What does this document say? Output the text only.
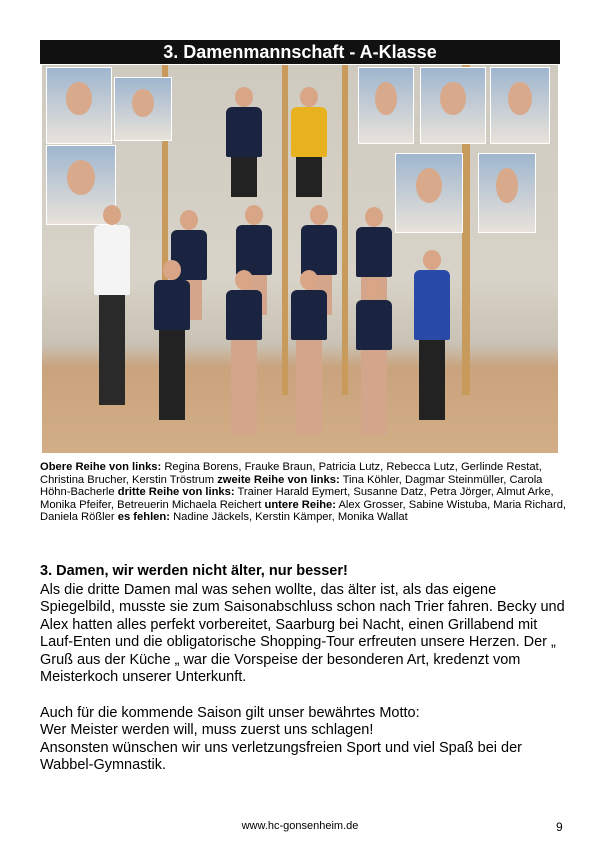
3. Damenmannschaft - A-Klasse
Obere Reihe von links: Regina Borens, Frauke Braun, Patricia Lutz, Rebecca Lutz, Gerlinde Restat, Christina Brucher, Kerstin Tröstrum zweite Reihe von links: Tina Köhler, Dagmar Steinmüller, Carola Höhn-Bacherle dritte Reihe von links: Trainer Harald Eymert, Susanne Datz, Petra Jörger, Almut Arke, Monika Pfeifer, Betreuerin Michaela Reichert untere Reihe: Alex Grosser, Sabine Wistuba, Maria Richard, Daniela Rößler es fehlen: Nadine Jäckels, Kerstin Kämper, Monika Wallat
3. Damen, wir werden nicht älter, nur besser!
Als die dritte Damen mal was sehen wollte, das älter ist, als das eigene
Spiegelbild, musste sie zum Saisonabschluss schon nach Trier fahren. Becky und
Alex hatten alles perfekt vorbereitet, Saarburg bei Nacht, einen Grillabend mit
Lauf-Enten und die obligatorische Shopping-Tour erfreuten unsere Herzen. Der „
Gruß aus der Küche „ war die Vorspeise der besonderen Art, kredenzt vom
Meisterkoch unserer Unterkunft.
Auch für die kommende Saison gilt unser bewährtes Motto:
Wer Meister werden will, muss zuerst uns schlagen!
Ansonsten wünschen wir uns verletzungsfreien Sport und viel Spaß bei der
Wabbel-Gymnastik.
www.hc-gonsenheim.de	9
